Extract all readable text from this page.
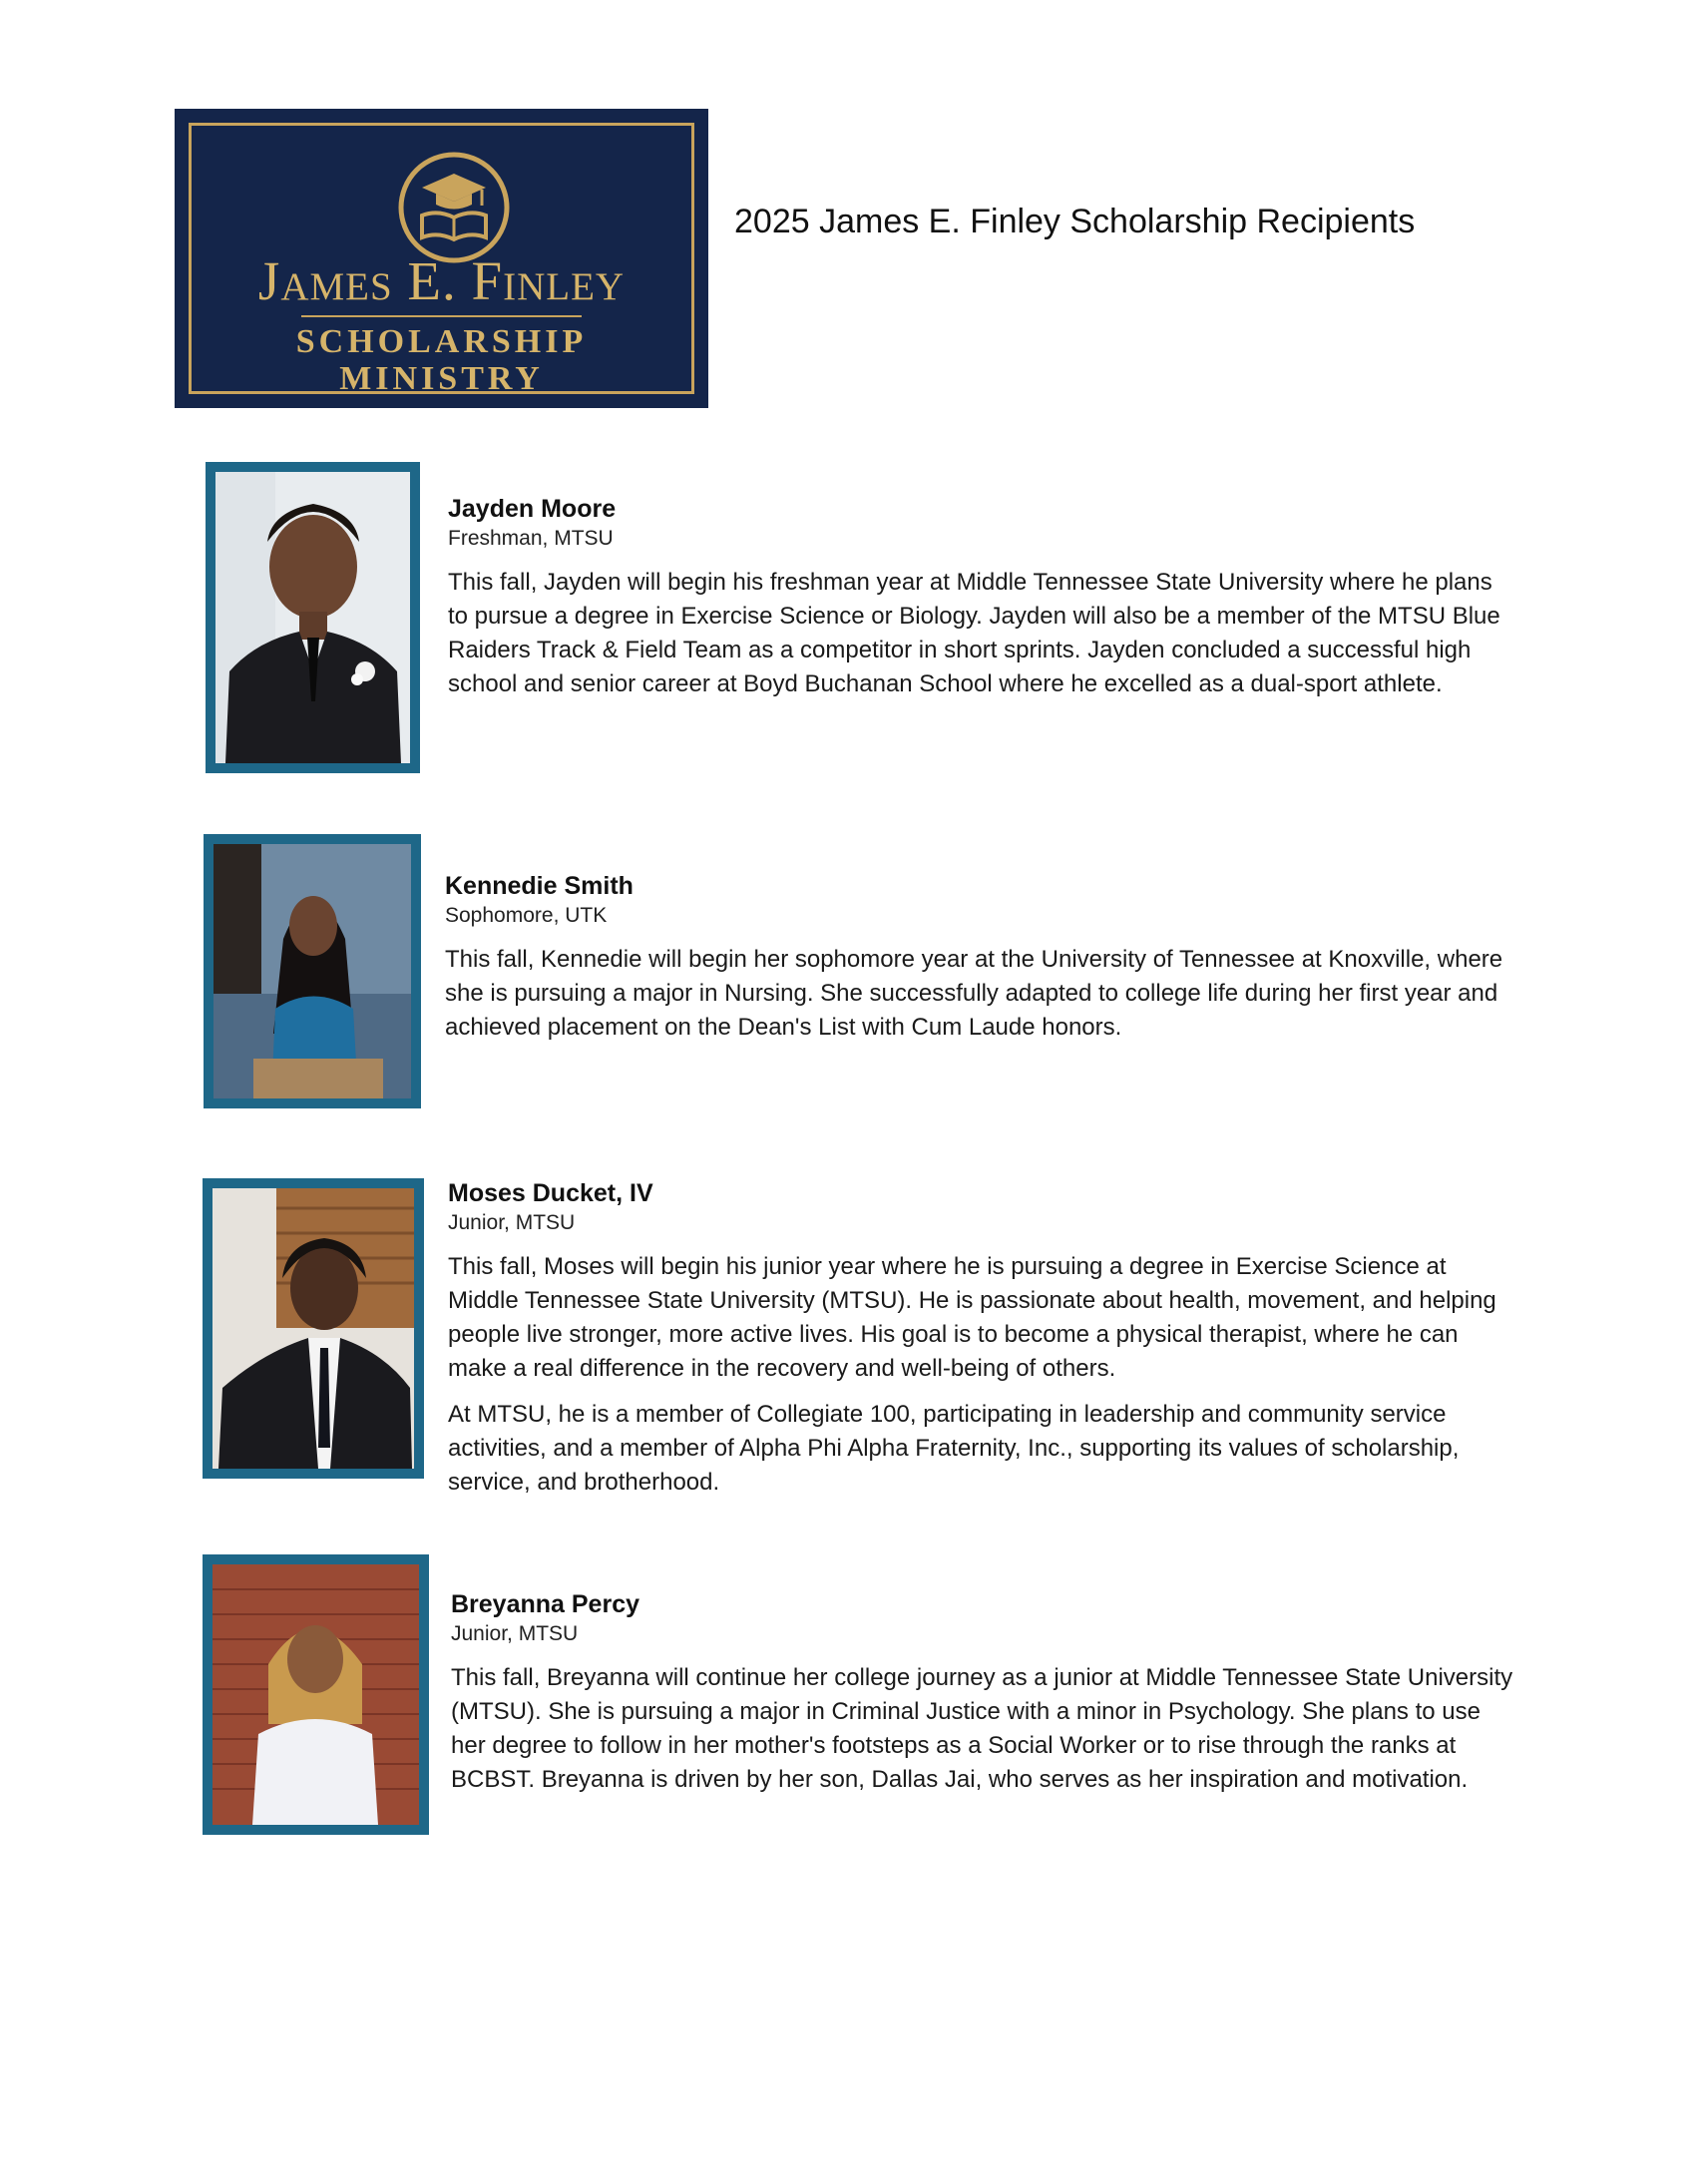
James E. Finley
SCHOLARSHIP
MINISTRY
2025 James E. Finley Scholarship Recipients
Jayden Moore
Freshman, MTSU

This fall, Jayden will begin his freshman year at Middle Tennessee State University where he plans to pursue a degree in Exercise Science or Biology. Jayden will also be a member of the MTSU Blue Raiders Track & Field Team as a competitor in short sprints. Jayden concluded a successful high school and senior career at Boyd Buchanan School where he excelled as a dual-sport athlete.

Kennedie Smith
Sophomore, UTK

This fall, Kennedie will begin her sophomore year at the University of Tennessee at Knoxville, where she is pursuing a major in Nursing. She successfully adapted to college life during her first year and achieved placement on the Dean's List with Cum Laude honors.

Moses Ducket, IV
Junior, MTSU

This fall, Moses will begin his junior year where he is pursuing a degree in Exercise Science at Middle Tennessee State University (MTSU). He is passionate about health, movement, and helping people live stronger, more active lives. His goal is to become a physical therapist, where he can make a real difference in the recovery and well-being of others.

At MTSU, he is a member of Collegiate 100, participating in leadership and community service activities, and a member of Alpha Phi Alpha Fraternity, Inc., supporting its values of scholarship, service, and brotherhood.

Breyanna Percy
Junior, MTSU

This fall, Breyanna will continue her college journey as a junior at Middle Tennessee State University (MTSU). She is pursuing a major in Criminal Justice with a minor in Psychology. She plans to use her degree to follow in her mother's footsteps as a Social Worker or to rise through the ranks at BCBST. Breyanna is driven by her son, Dallas Jai, who serves as her inspiration and motivation.
